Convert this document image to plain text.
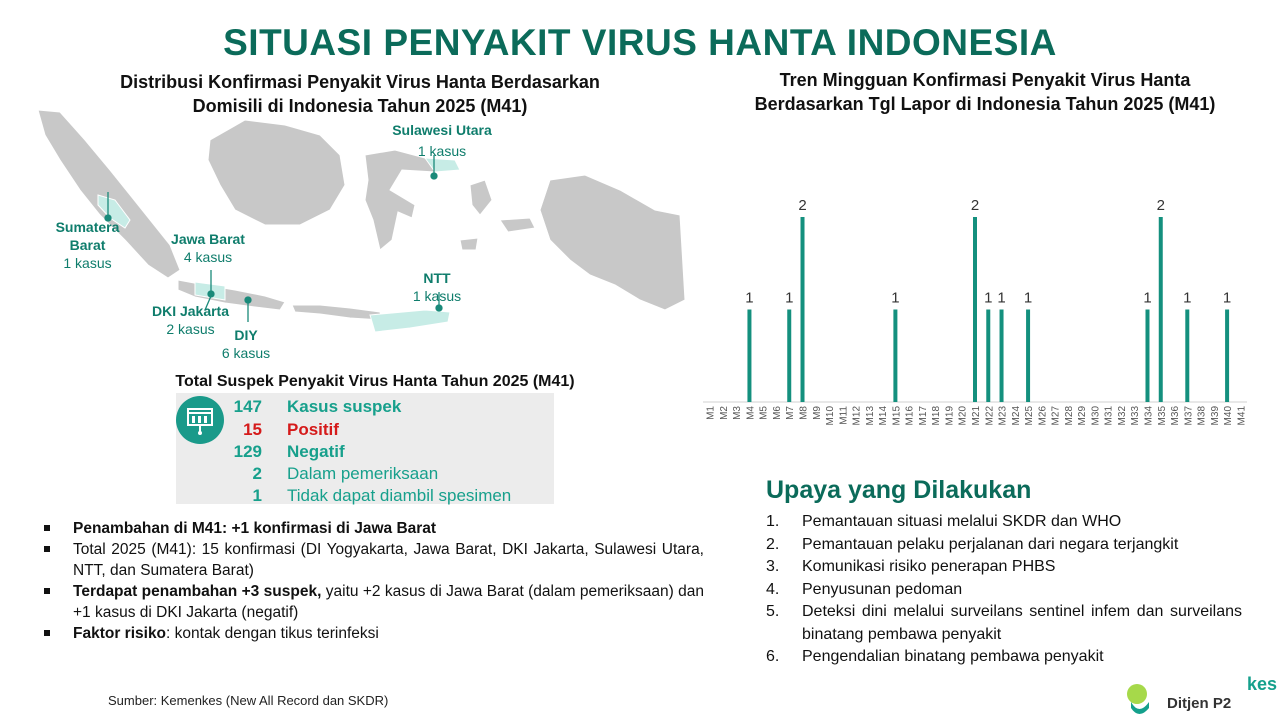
SITUASI PENYAKIT VIRUS HANTA INDONESIA
Distribusi Konfirmasi Penyakit Virus Hanta Berdasarkan
Domisili di Indonesia Tahun 2025 (M41)
Sulawesi Utara
1 kasus
Sumatera
Barat
1 kasus
Jawa Barat
4 kasus
NTT
1 kasus
DKI Jakarta
2 kasus	DIY
6 kasus
Total Suspek Penyakit Virus Hanta Tahun 2025 (M41)
147 Kasus suspek
15 Positif
129 Negatif
2 Dalam pemeriksaan
1 Tidak dapat diambil spesimen
Penambahan di M41: +1 konfirmasi di Jawa Barat
Total 2025 (M41): 15 konfirmasi (DI Yogyakarta, Jawa Barat, DKI Jakarta, Sulawesi Utara, NTT, dan Sumatera Barat)
Terdapat penambahan +3 suspek, yaitu +2 kasus di Jawa Barat (dalam pemeriksaan) dan +1 kasus di DKI Jakarta (negatif)
Faktor risiko: kontak dengan tikus terinfeksi
Sumber: Kemenkes (New All Record dan SKDR)
Tren Mingguan Konfirmasi Penyakit Virus Hanta
Berdasarkan Tgl Lapor di Indonesia Tahun 2025 (M41)
M1 M2 M3
1
M4 M5 M6
1
M7
2
M8 M9 M10 M11 M12 M13 M14
1
M15 M16 M17 M18 M19 M20
2
M21
1
M22
1
M23 M24
1
M25 M26 M27 M28 M29 M30 M31 M32 M33
1
M34
2
M35 M36
1
M37 M38 M39
1
M40 M41
Upaya yang Dilakukan
1. Pemantauan situasi melalui SKDR dan WHO
2. Pemantauan pelaku perjalanan dari negara terjangkit
3. Komunikasi risiko penerapan PHBS
4. Penyusunan pedoman
5. Deteksi dini melalui surveilans sentinel infem dan surveilans binatang pembawa penyakit
6. Pengendalian binatang pembawa penyakit
Ditjen P2
kes
